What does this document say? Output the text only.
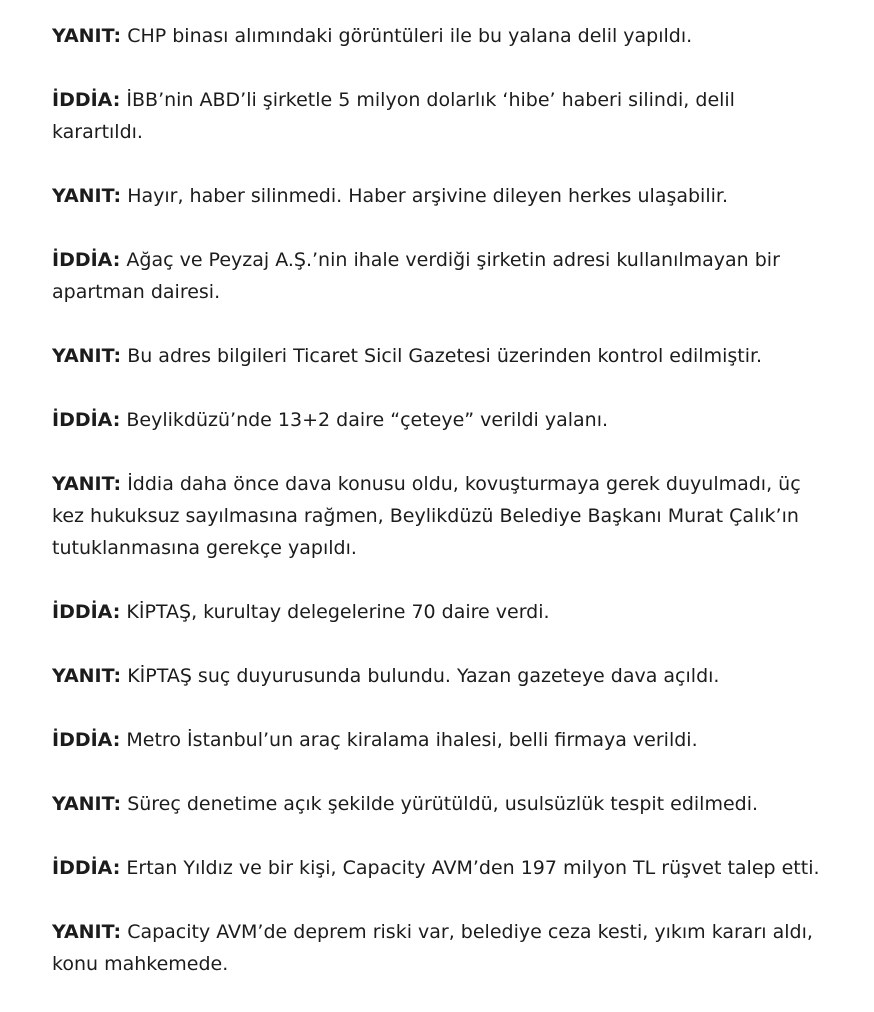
YANIT: CHP binası alımındaki görüntüleri ile bu yalana delil yapıldı.

İDDİA: İBB’nin ABD’li şirketle 5 milyon dolarlık ‘hibe’ haberi silindi, delil karartıldı.

YANIT: Hayır, haber silinmedi. Haber arşivine dileyen herkes ulaşabilir.

İDDİA: Ağaç ve Peyzaj A.Ş.’nin ihale verdiği şirketin adresi kullanılmayan bir apartman dairesi.

YANIT: Bu adres bilgileri Ticaret Sicil Gazetesi üzerinden kontrol edilmiştir.

İDDİA: Beylikdüzü’nde 13+2 daire “çeteye” verildi yalanı.

YANIT: İddia daha önce dava konusu oldu, kovuşturmaya gerek duyulmadı, üç kez hukuksuz sayılmasına rağmen, Beylikdüzü Belediye Başkanı Murat Çalık’ın tutuklanmasına gerekçe yapıldı.

İDDİA: KİPTAŞ, kurultay delegelerine 70 daire verdi.

YANIT: KİPTAŞ suç duyurusunda bulundu. Yazan gazeteye dava açıldı.

İDDİA: Metro İstanbul’un araç kiralama ihalesi, belli firmaya verildi.

YANIT: Süreç denetime açık şekilde yürütüldü, usulsüzlük tespit edilmedi.

İDDİA: Ertan Yıldız ve bir kişi, Capacity AVM’den 197 milyon TL rüşvet talep etti.

YANIT: Capacity AVM’de deprem riski var, belediye ceza kesti, yıkım kararı aldı, konu mahkemede.
